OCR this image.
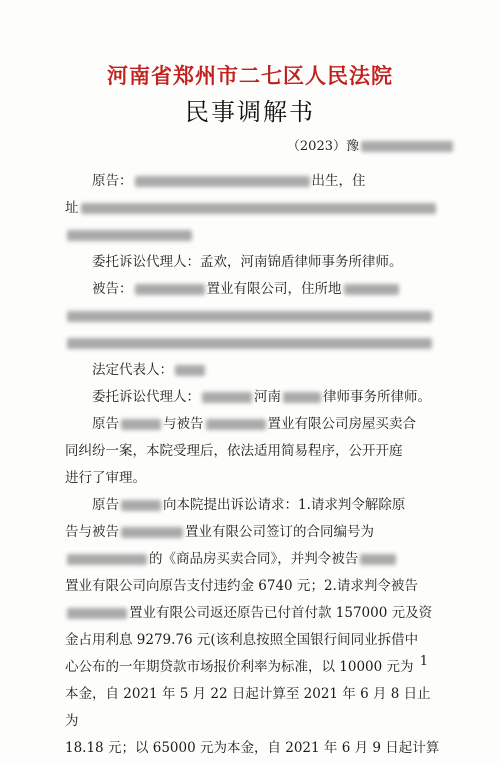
河南省郑州市二七区人民法院
民事调解书
（2023）豫

原告：	出生，住

址

委托诉讼代理人：孟欢，河南锦盾律师事务所律师。

被告：	置业有限公司，住所地

法定代表人：

委托诉讼代理人：	河南	律师事务所律师。

原告	与被告	置业有限公司房屋买卖合

同纠纷一案，本院受理后，依法适用简易程序，公开开庭

进行了审理。

原告	向本院提出诉讼请求：1.请求判令解除原

告与被告	置业有限公司签订的合同编号为

的《商品房买卖合同》，并判令被告

置业有限公司向原告支付违约金 6740 元；2.请求判令被告

置业有限公司返还原告已付首付款 157000 元及资

金占用利息 9279.76 元(该利息按照全国银行间同业拆借中

心公布的一年期贷款市场报价利率为标准，以 10000 元为

本金，自 2021 年 5 月 22 日起计算至 2021 年 6 月 8 日止为

18.18 元；以 65000 元为本金，自 2021 年 6 月 9 日起计算

1
